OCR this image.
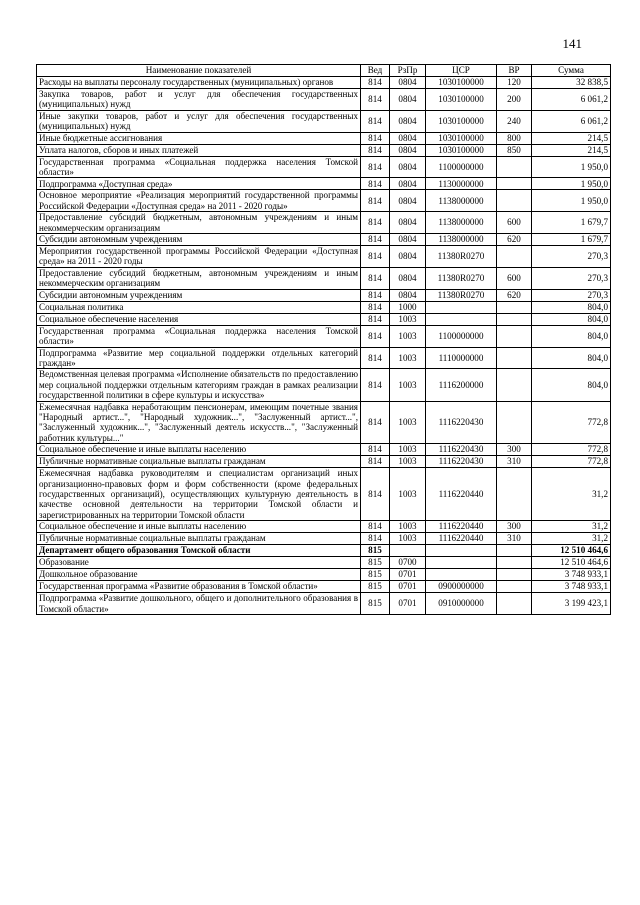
141
Наименование показателей	Вед	РзПр	ЦСР	ВР	Сумма
Расходы на выплаты персоналу государственных (муниципальных) органов	814	0804	1030100000	120	32 838,5
Закупка товаров, работ и услуг для обеспечения государственных (муниципальных) нужд	814	0804	1030100000	200	6 061,2
Иные закупки товаров, работ и услуг для обеспечения государственных (муниципальных) нужд	814	0804	1030100000	240	6 061,2
Иные бюджетные ассигнования	814	0804	1030100000	800	214,5
Уплата налогов, сборов и иных платежей	814	0804	1030100000	850	214,5
Государственная программа «Социальная поддержка населения Томской области»	814	0804	1100000000		1 950,0
Подпрограмма «Доступная среда»	814	0804	1130000000		1 950,0
Основное мероприятие «Реализация мероприятий государственной программы Российской Федерации «Доступная среда» на 2011 - 2020 годы»	814	0804	1138000000		1 950,0
Предоставление субсидий бюджетным, автономным учреждениям и иным некоммерческим организациям	814	0804	1138000000	600	1 679,7
Субсидии автономным учреждениям	814	0804	1138000000	620	1 679,7
Мероприятия государственной программы Российской Федерации «Доступная среда» на 2011 - 2020 годы	814	0804	11380R0270		270,3
Предоставление субсидий бюджетным, автономным учреждениям и иным некоммерческим организациям	814	0804	11380R0270	600	270,3
Субсидии автономным учреждениям	814	0804	11380R0270	620	270,3
Социальная политика	814	1000			804,0
Социальное обеспечение населения	814	1003			804,0
Государственная программа «Социальная поддержка населения Томской области»	814	1003	1100000000		804,0
Подпрограмма «Развитие мер социальной поддержки отдельных категорий граждан»	814	1003	1110000000		804,0
Ведомственная целевая программа «Исполнение обязательств по предоставлению мер социальной поддержки отдельным категориям граждан в рамках реализации государственной политики в сфере культуры и искусства»	814	1003	1116200000		804,0
Ежемесячная надбавка неработающим пенсионерам, имеющим почетные звания "Народный артист...", "Народный художник...", "Заслуженный артист...", "Заслуженный художник...", "Заслуженный деятель искусств...", "Заслуженный работник культуры..."	814	1003	1116220430		772,8
Социальное обеспечение и иные выплаты населению	814	1003	1116220430	300	772,8
Публичные нормативные социальные выплаты гражданам	814	1003	1116220430	310	772,8
Ежемесячная надбавка руководителям и специалистам организаций иных организационно-правовых форм и форм собственности (кроме федеральных государственных организаций), осуществляющих культурную деятельность в качестве основной деятельности на территории Томской области и зарегистрированных на территории Томской области	814	1003	1116220440		31,2
Социальное обеспечение и иные выплаты населению	814	1003	1116220440	300	31,2
Публичные нормативные социальные выплаты гражданам	814	1003	1116220440	310	31,2
Департамент общего образования Томской области	815				12 510 464,6
Образование	815	0700			12 510 464,6
Дошкольное образование	815	0701			3 748 933,1
Государственная программа «Развитие образования в Томской области»	815	0701	0900000000		3 748 933,1
Подпрограмма «Развитие дошкольного, общего и дополнительного образования в Томской области»	815	0701	0910000000		3 199 423,1
